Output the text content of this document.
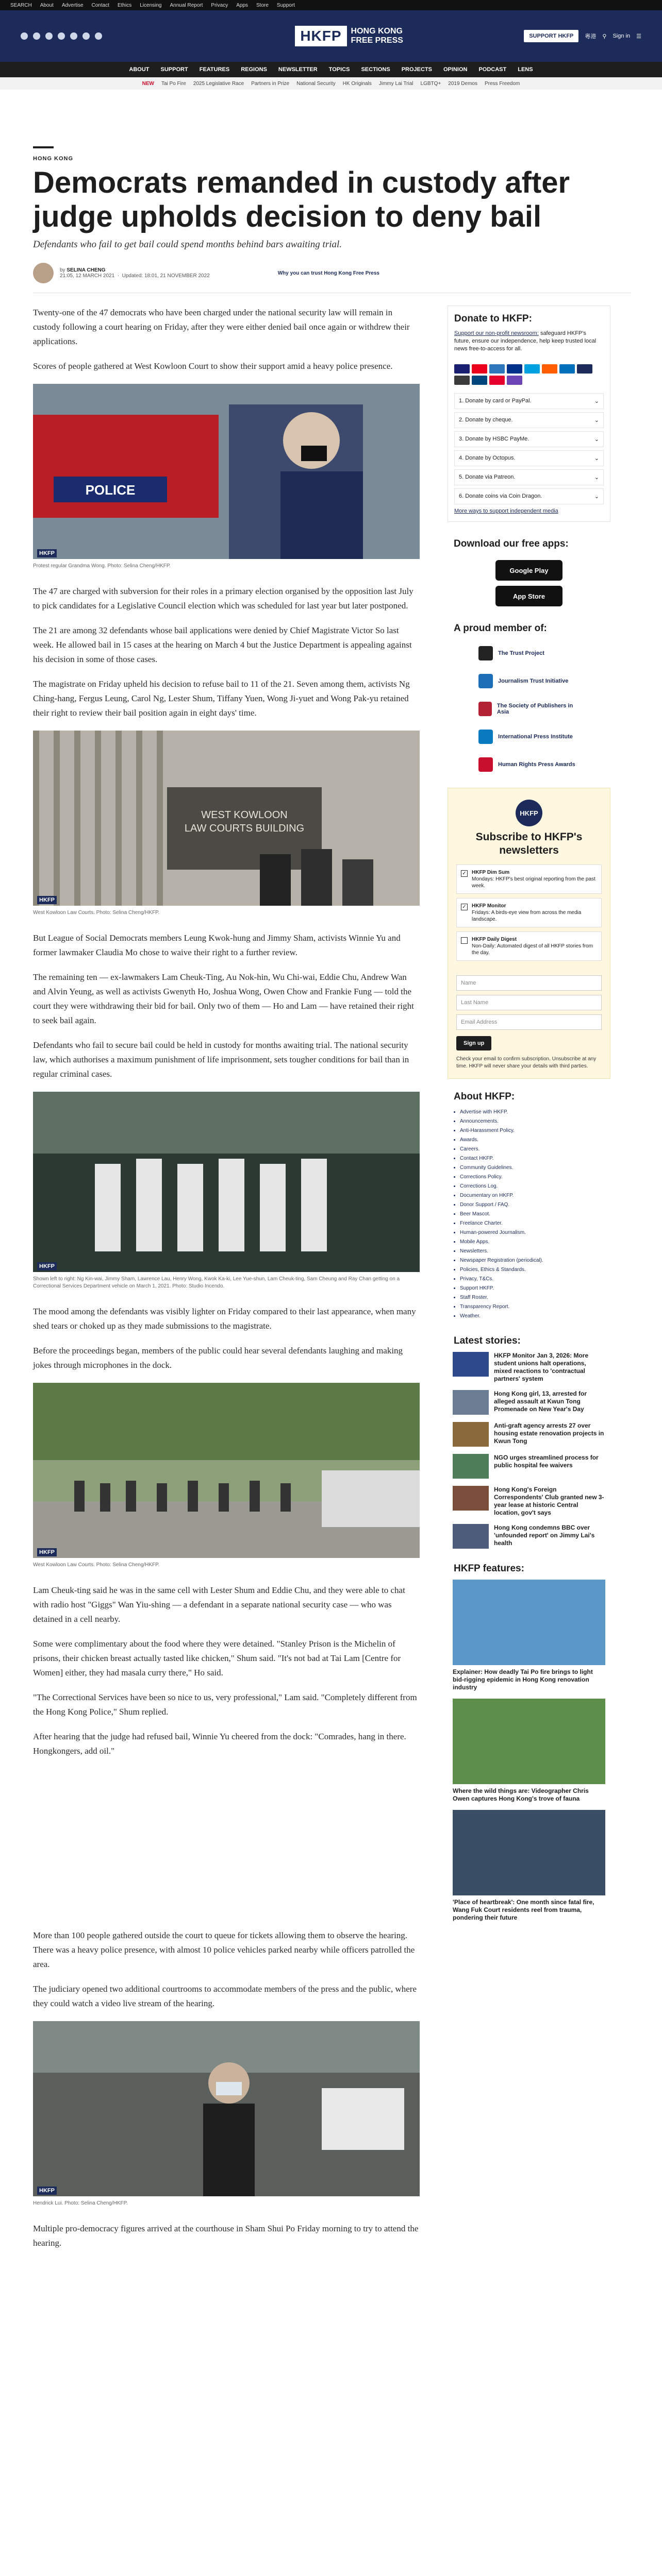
SEARCH About Advertise Contact Ethics Licensing Annual Report Privacy Apps Store Support
HKFP	HONG KONG
FREE PRESS	SUPPORT HKFP	粵港 ⚲ Sign in ☰
ABOUT SUPPORT FEATURES REGIONS NEWSLETTER TOPICS SECTIONS PROJECTS OPINION PODCAST LENS
NEW Tai Po Fire 2025 Legislative Race Partners in Prize National Security HK Originals Jimmy Lai Trial LGBTQ+ 2019 Demos Press Freedom
HONG KONG
Democrats remanded in custody after judge upholds decision to deny bail
Defendants who fail to get bail could spend months behind bars awaiting trial.
by SELINA CHENG
21:05, 12 MARCH 2021  ·  Updated: 18:01, 21 NOVEMBER 2022	Why you can trust Hong Kong Free Press

Twenty-one of the 47 democrats who have been charged under the national security law will remain in custody following a court hearing on Friday, after they were either denied bail once again or withdrew their applications.

Scores of people gathered at West Kowloon Court to show their support amid a heavy police presence.

POLICE
HKFP
Protest regular Grandma Wong. Photo: Selina Cheng/HKFP.

The 47 are charged with subversion for their roles in a primary election organised by the opposition last July to pick candidates for a Legislative Council election which was scheduled for last year but later postponed.

The 21 are among 32 defendants whose bail applications were denied by Chief Magistrate Victor So last week. He allowed bail in 15 cases at the hearing on March 4 but the Justice Department is appealing against his decision in some of those cases.

The magistrate on Friday upheld his decision to refuse bail to 11 of the 21. Seven among them, activists Ng Ching-hang, Fergus Leung, Carol Ng, Lester Shum, Tiffany Yuen, Wong Ji-yuet and Wong Pak-yu retained their right to review their bail position again in eight days' time.

WEST KOWLOON
LAW COURTS BUILDING
HKFP
West Kowloon Law Courts. Photo: Selina Cheng/HKFP.

But League of Social Democrats members Leung Kwok-hung and Jimmy Sham, activists Winnie Yu and former lawmaker Claudia Mo chose to waive their right to a further review.

The remaining ten — ex-lawmakers Lam Cheuk-Ting, Au Nok-hin, Wu Chi-wai, Eddie Chu, Andrew Wan and Alvin Yeung, as well as activists Gwenyth Ho, Joshua Wong, Owen Chow and Frankie Fung — told the court they were withdrawing their bid for bail. Only two of them — Ho and Lam — have retained their right to seek bail again.

Defendants who fail to secure bail could be held in custody for months awaiting trial. The national security law, which authorises a maximum punishment of life imprisonment, sets tougher conditions for bail than in regular criminal cases.

HKFP
Shown left to right: Ng Kin-wai, Jimmy Sham, Lawrence Lau, Henry Wong, Kwok Ka-ki, Lee Yue-shun, Lam Cheuk-ting, Sam Cheung and Ray Chan getting on a Correctional Services Department vehicle on March 1, 2021. Photo: Studio Incendo.

The mood among the defendants was visibly lighter on Friday compared to their last appearance, when many shed tears or choked up as they made submissions to the magistrate.

Before the proceedings began, members of the public could hear several defendants laughing and making jokes through microphones in the dock.

HKFP
West Kowloon Law Courts. Photo: Selina Cheng/HKFP.

Lam Cheuk-ting said he was in the same cell with Lester Shum and Eddie Chu, and they were able to chat with radio host "Giggs" Wan Yiu-shing — a defendant in a separate national security case — who was detained in a cell nearby.

Some were complimentary about the food where they were detained. "Stanley Prison is the Michelin of prisons, their chicken breast actually tasted like chicken," Shum said. "It's not bad at Tai Lam [Centre for Women] either, they had masala curry there," Ho said.

"The Correctional Services have been so nice to us, very professional," Lam said. "Completely different from the Hong Kong Police," Shum replied.

After hearing that the judge had refused bail, Winnie Yu cheered from the dock: "Comrades, hang in there. Hongkongers, add oil."

More than 100 people gathered outside the court to queue for tickets allowing them to observe the hearing. There was a heavy police presence, with almost 10 police vehicles parked nearby while officers patrolled the area.

The judiciary opened two additional courtrooms to accommodate members of the press and the public, where they could watch a video live stream of the hearing.

HKFP
Hendrick Lui. Photo: Selina Cheng/HKFP.

Multiple pro-democracy figures arrived at the courthouse in Sham Shui Po Friday morning to try to attend the hearing.

Donate to HKFP:
Support our non-profit newsroom: safeguard HKFP's future, ensure our independence, help keep trusted local news free-to-access for all.
1. Donate by card or PayPal.	⌄
2. Donate by cheque.	⌄
3. Donate by HSBC PayMe.	⌄
4. Donate by Octopus.	⌄
5. Donate via Patreon.	⌄
6. Donate coins via Coin Dragon.	⌄
More ways to support independent media
Download our free apps:
Google Play
App Store
A proud member of:
The Trust Project
Journalism Trust Initiative
The Society of Publishers in Asia
International Press Institute
Human Rights Press Awards
HKFP
Subscribe to HKFP's newsletters
✓ HKFP Dim Sum
Mondays: HKFP's best original reporting from the past week.
✓ HKFP Monitor
Fridays: A birds-eye view from across the media landscape.
HKFP Daily Digest
Non-Daily: Automated digest of all HKFP stories from the day.
Name
Last Name
Email Address
Sign up
Check your email to confirm subscription. Unsubscribe at any time. HKFP will never share your details with third parties.
About HKFP:
• Advertise with HKFP.
• Announcements.
• Anti-Harassment Policy.
• Awards.
• Careers.
• Contact HKFP.
• Community Guidelines.
• Corrections Policy.
• Corrections Log.
• Documentary on HKFP.
• Donor Support / FAQ.
• Beer Mascot.
• Freelance Charter.
• Human-powered Journalism.
• Mobile Apps.
• Newsletters.
• Newspaper Registration (periodical).
• Policies, Ethics & Standards.
• Privacy, T&Cs.
• Support HKFP.
• Staff Roster.
• Transparency Report.
• Weather.
Latest stories:
HKFP Monitor Jan 3, 2026: More student unions halt operations, mixed reactions to 'contractual partners' system
Hong Kong girl, 13, arrested for alleged assault at Kwun Tong Promenade on New Year's Day
Anti-graft agency arrests 27 over housing estate renovation projects in Kwun Tong
NGO urges streamlined process for public hospital fee waivers
Hong Kong's Foreign Correspondents' Club granted new 3-year lease at historic Central location, gov't says
Hong Kong condemns BBC over 'unfounded report' on Jimmy Lai's health
HKFP features:
Explainer: How deadly Tai Po fire brings to light bid-rigging epidemic in Hong Kong renovation industry
Where the wild things are: Videographer Chris Owen captures Hong Kong's trove of fauna
'Place of heartbreak': One month since fatal fire, Wang Fuk Court residents reel from trauma, pondering their future
